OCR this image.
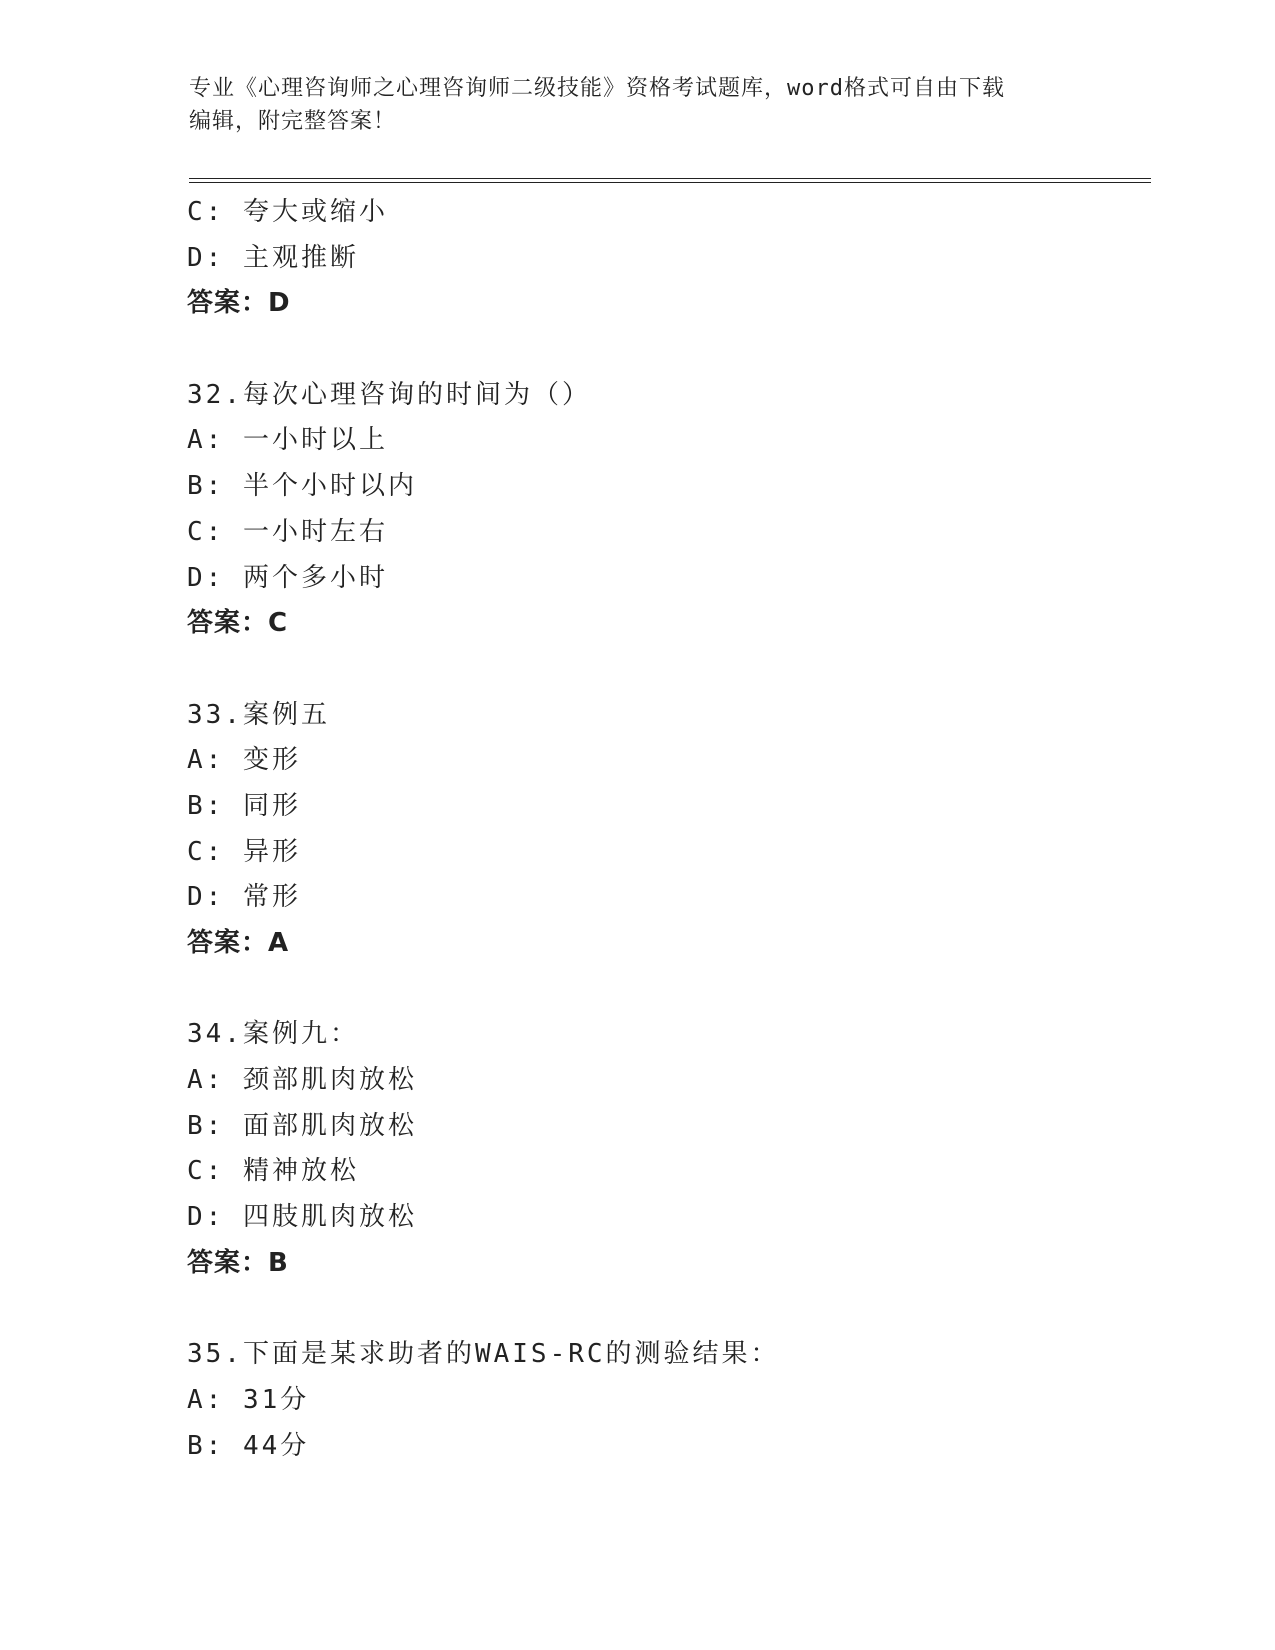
专业《心理咨询师之心理咨询师二级技能》资格考试题库，word格式可自由下载
编辑，附完整答案！
C: 夸大或缩小
D: 主观推断
答案：D
32.每次心理咨询的时间为（）
A: 一小时以上
B: 半个小时以内
C: 一小时左右
D: 两个多小时
答案：C
33.案例五
A: 变形
B: 同形
C: 异形
D: 常形
答案：A
34.案例九：
A: 颈部肌肉放松
B: 面部肌肉放松
C: 精神放松
D: 四肢肌肉放松
答案：B
35.下面是某求助者的WAIS-RC的测验结果：
A: 31分
B: 44分
